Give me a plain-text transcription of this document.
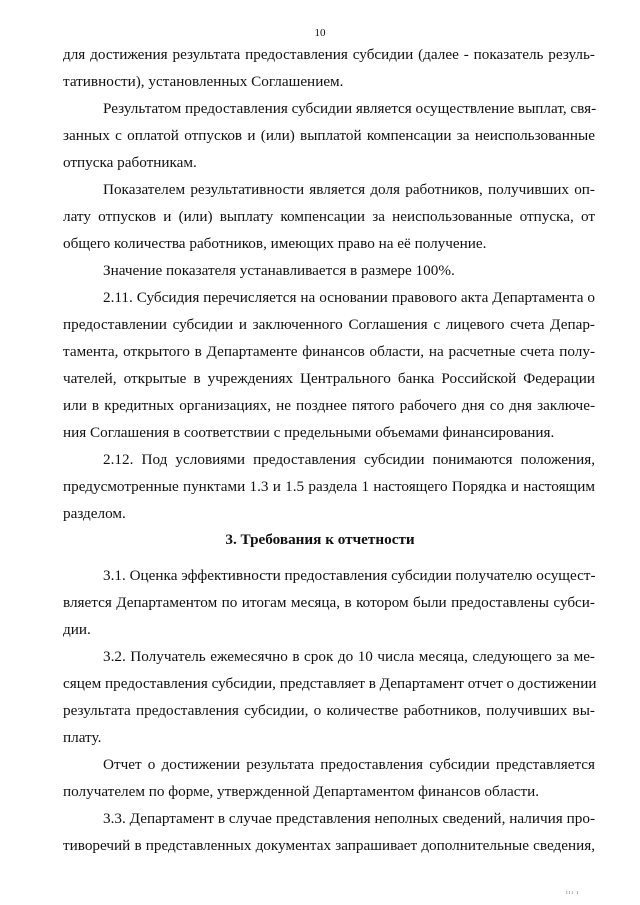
10
для достижения результата предоставления субсидии (далее - показатель резуль-
тативности), установленных Соглашением.
Результатом предоставления субсидии является осуществление выплат, свя-
занных с оплатой отпусков и (или) выплатой компенсации за неиспользованные
отпуска работникам.
Показателем результативности является доля работников, получивших оп-
лату отпусков и (или) выплату компенсации за неиспользованные отпуска, от
общего количества работников, имеющих право на её получение.
Значение показателя устанавливается в размере 100%.
2.11. Субсидия перечисляется на основании правового акта Департамента о
предоставлении субсидии и заключенного Соглашения с лицевого счета Депар-
тамента, открытого в Департаменте финансов области, на расчетные счета полу-
чателей, открытые в учреждениях Центрального банка Российской Федерации
или в кредитных организациях, не позднее пятого рабочего дня со дня заключе-
ния Соглашения в соответствии с предельными объемами финансирования.
2.12. Под условиями предоставления субсидии понимаются положения,
предусмотренные пунктами 1.3 и 1.5 раздела 1 настоящего Порядка и настоящим
разделом.
3. Требования к отчетности
3.1. Оценка эффективности предоставления субсидии получателю осущест-
вляется Департаментом по итогам месяца, в котором были предоставлены субси-
дии.
3.2. Получатель ежемесячно в срок до 10 числа месяца, следующего за ме-
сяцем предоставления субсидии, представляет в Департамент отчет о достижении
результата предоставления субсидии, о количестве работников, получивших вы-
плату.
Отчет о достижении результата предоставления субсидии представляется
получателем по форме, утвержденной Департаментом финансов области.
3.3. Департамент в случае представления неполных сведений, наличия про-
тиворечий в представленных документах запрашивает дополнительные сведения,
ııı ı
